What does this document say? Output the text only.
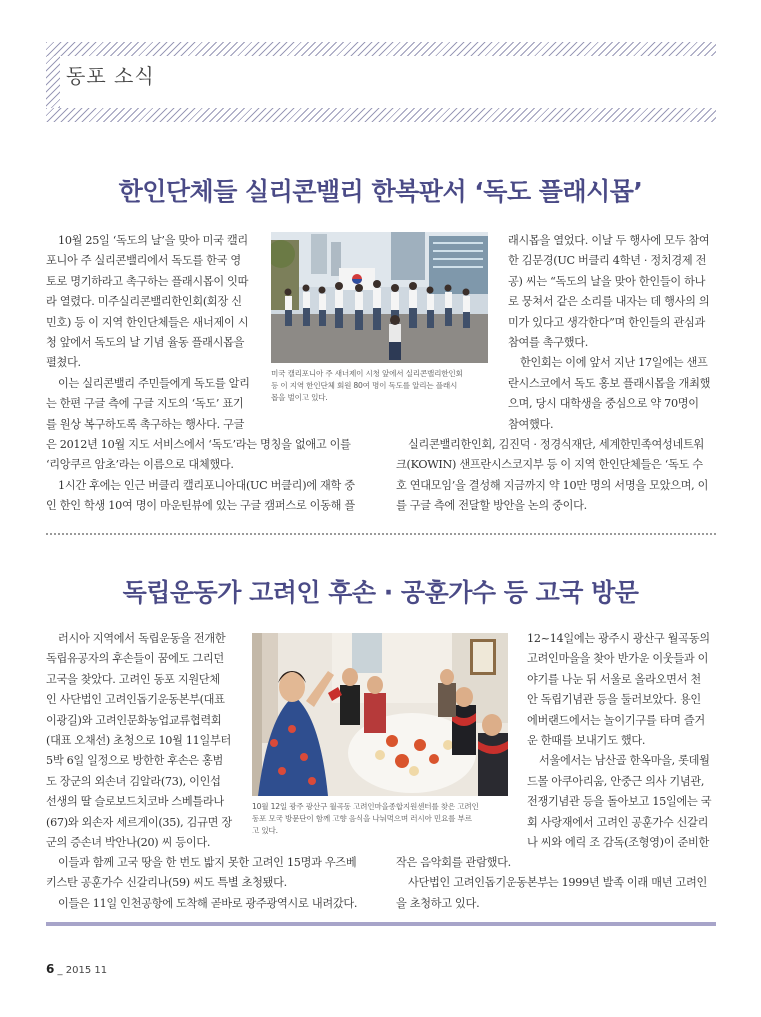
동포 소식
한인단체들 실리콘밸리 한복판서 ‘독도 플래시몹’

10월 25일 ‘독도의 날’을 맞아 미국 캘리

포니아 주 실리콘밸리에서 독도를 한국 영

토로 명기하라고 촉구하는 플래시몹이 잇따

라 열렸다. 미주실리콘밸리한인회(회장 신

민호) 등 이 지역 한인단체들은 새너제이 시

청 앞에서 독도의 날 기념 율동 플래시몹을

펼쳤다.

이는 실리콘밸리 주민들에게 독도를 알리

는 한편 구글 측에 구글 지도의 ‘독도’ 표기

를 원상 복구하도록 촉구하는 행사다. 구글

은 2012년 10월 지도 서비스에서 ‘독도’라는 명칭을 없애고 이를

‘리앙쿠르 암초’라는 이름으로 대체했다.

1시간 후에는 인근 버클리 캘리포니아대(UC 버클리)에 재학 중

인 한인 학생 10여 명이 마운틴뷰에 있는 구글 캠퍼스로 이동해 플

미국 캘리포니아 주 새너제이 시청 앞에서 실리콘밸리한인회
등 이 지역 한인단체 회원 80여 명이 독도를 알리는 플래시
몹을 벌이고 있다.

래시몹을 열었다. 이날 두 행사에 모두 참여

한 김문경(UC 버클리 4학년 · 정치경제 전

공) 씨는 “독도의 날을 맞아 한인들이 하나

로 뭉쳐서 같은 소리를 내자는 데 행사의 의

미가 있다고 생각한다”며 한인들의 관심과

참여를 촉구했다.

한인회는 이에 앞서 지난 17일에는 샌프

란시스코에서 독도 홍보 플래시몹을 개최했

으며, 당시 대학생을 중심으로 약 70명이

참여했다.

실리콘밸리한인회, 김진덕 · 정경식재단, 세계한민족여성네트워

크(KOWIN) 샌프란시스코지부 등 이 지역 한인단체들은 ‘독도 수

호 연대모임’을 결성해 지금까지 약 10만 명의 서명을 모았으며, 이

를 구글 측에 전달할 방안을 논의 중이다.

독립운동가 고려인 후손 · 공훈가수 등 고국 방문

러시아 지역에서 독립운동을 전개한

독립유공자의 후손들이 꿈에도 그리던

고국을 찾았다. 고려인 동포 지원단체

인 사단법인 고려인돕기운동본부(대표

이광길)와 고려인문화농업교류협력회

(대표 오채선) 초청으로 10월 11일부터

5박 6일 일정으로 방한한 후손은 홍범

도 장군의 외손녀 김알라(73), 이인섭

선생의 딸 슬로보드치코바 스베틀라나

(67)와 외손자 세르게이(35), 김규면 장

군의 증손녀 박안나(20) 씨 등이다.

이들과 함께 고국 땅을 한 번도 밟지 못한 고려인 15명과 우즈베

키스탄 공훈가수 신갈리나(59) 씨도 특별 초청됐다.

이들은 11일 인천공항에 도착해 곧바로 광주광역시로 내려갔다.

10월 12일 광주 광산구 월곡동 고려인마을종합지원센터를 찾은 고려인
동포 모국 방문단이 함께 고향 음식을 나눠먹으며 러시아 민요를 부르
고 있다.

12~14일에는 광주시 광산구 월곡동의

고려인마을을 찾아 반가운 이웃들과 이

야기를 나눈 뒤 서울로 올라오면서 천

안 독립기념관 등을 둘러보았다. 용인

에버랜드에서는 놀이기구를 타며 즐거

운 한때를 보내기도 했다.

서울에서는 남산골 한옥마을, 롯데월

드몰 아쿠아리움, 안중근 의사 기념관,

전쟁기념관 등을 돌아보고 15일에는 국

회 사랑재에서 고려인 공훈가수 신갈리

나 씨와 에릭 조 감독(조형영)이 준비한

작은 음악회를 관람했다.

사단법인 고려인돕기운동본부는 1999년 발족 이래 매년 고려인

을 초청하고 있다.

6 _ 2015 11
